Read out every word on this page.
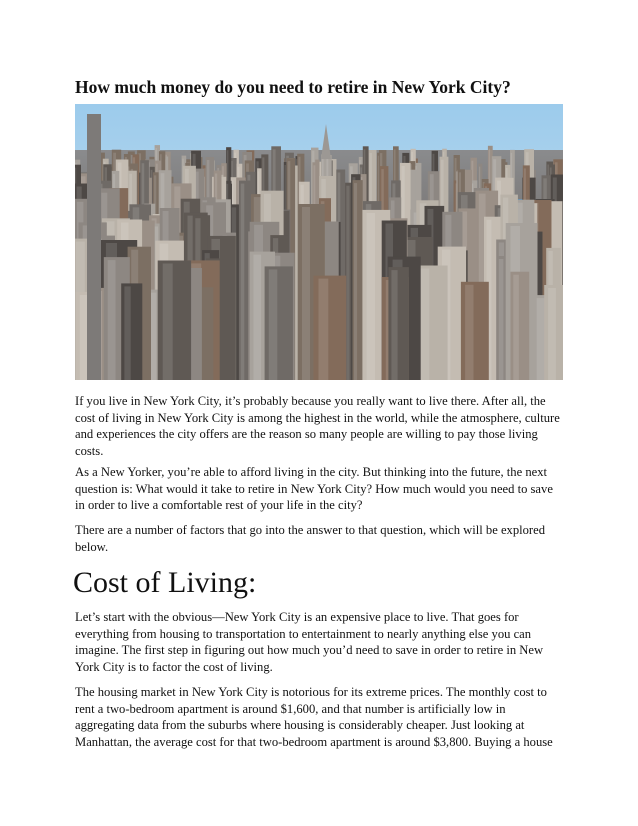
How much money do you need to retire in New York City?

If you live in New York City, it’s probably because you really want to live there. After all, the cost of living in New York City is among the highest in the world, while the atmosphere, culture and experiences the city offers are the reason so many people are willing to pay those living costs.

As a New Yorker, you’re able to afford living in the city. But thinking into the future, the next question is: What would it take to retire in New York City? How much would you need to save in order to live a comfortable rest of your life in the city?

There are a number of factors that go into the answer to that question, which will be explored below.

Cost of Living:

Let’s start with the obvious—New York City is an expensive place to live. That goes for everything from housing to transportation to entertainment to nearly anything else you can imagine. The first step in figuring out how much you’d need to save in order to retire in New York City is to factor the cost of living.

The housing market in New York City is notorious for its extreme prices. The monthly cost to rent a two-bedroom apartment is around $1,600, and that number is artificially low in aggregating data from the suburbs where housing is considerably cheaper. Just looking at Manhattan, the average cost for that two-bedroom apartment is around $3,800. Buying a house
